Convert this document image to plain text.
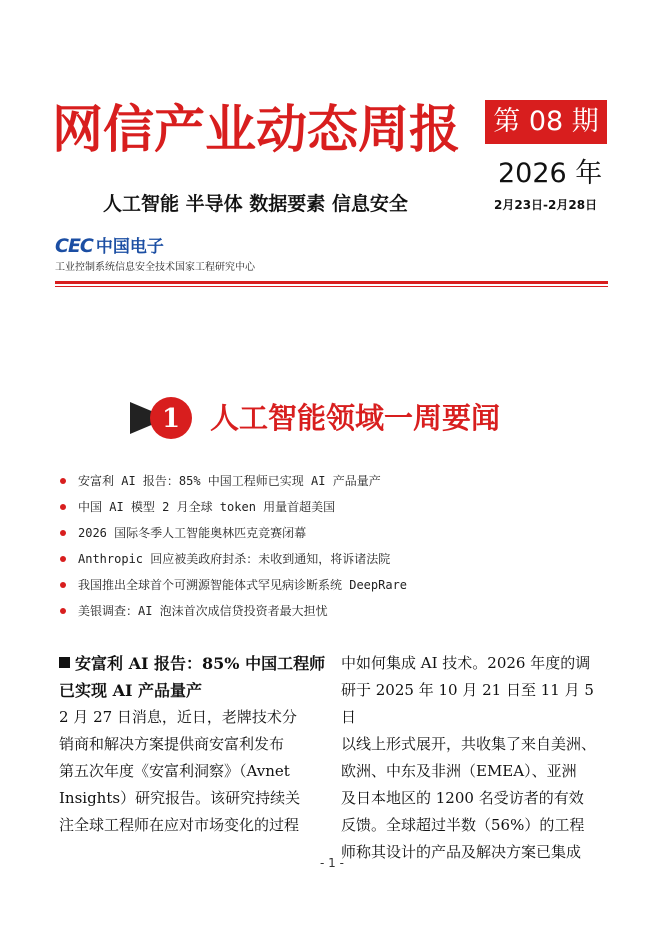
网信产业动态周报	第 08 期
2026 年
人工智能 半导体 数据要素 信息安全	2月23日-2月28日
CEC 中国电子
工业控制系统信息安全技术国家工程研究中心
1 人工智能领域一周要闻
安富利 AI 报告：85% 中国工程师已实现 AI 产品量产
中国 AI 模型 2 月全球 token 用量首超美国
2026 国际冬季人工智能奥林匹克竞赛闭幕
Anthropic 回应被美政府封杀：未收到通知，将诉诸法院
我国推出全球首个可溯源智能体式罕见病诊断系统 DeepRare
美银调查：AI 泡沫首次成信贷投资者最大担忧

安富利 AI 报告：85% 中国工程师

已实现 AI 产品量产

2 月 27 日消息，近日，老牌技术分

销商和解决方案提供商安富利发布

第五次年度《安富利洞察》（Avnet

Insights）研究报告。该研究持续关

注全球工程师在应对市场变化的过程

中如何集成 AI 技术。2026 年度的调

研于 2025 年 10 月 21 日至 11 月 5 日

以线上形式展开，共收集了来自美洲、

欧洲、中东及非洲（EMEA）、亚洲

及日本地区的 1200 名受访者的有效

反馈。全球超过半数（56%）的工程

师称其设计的产品及解决方案已集成

- 1 -
